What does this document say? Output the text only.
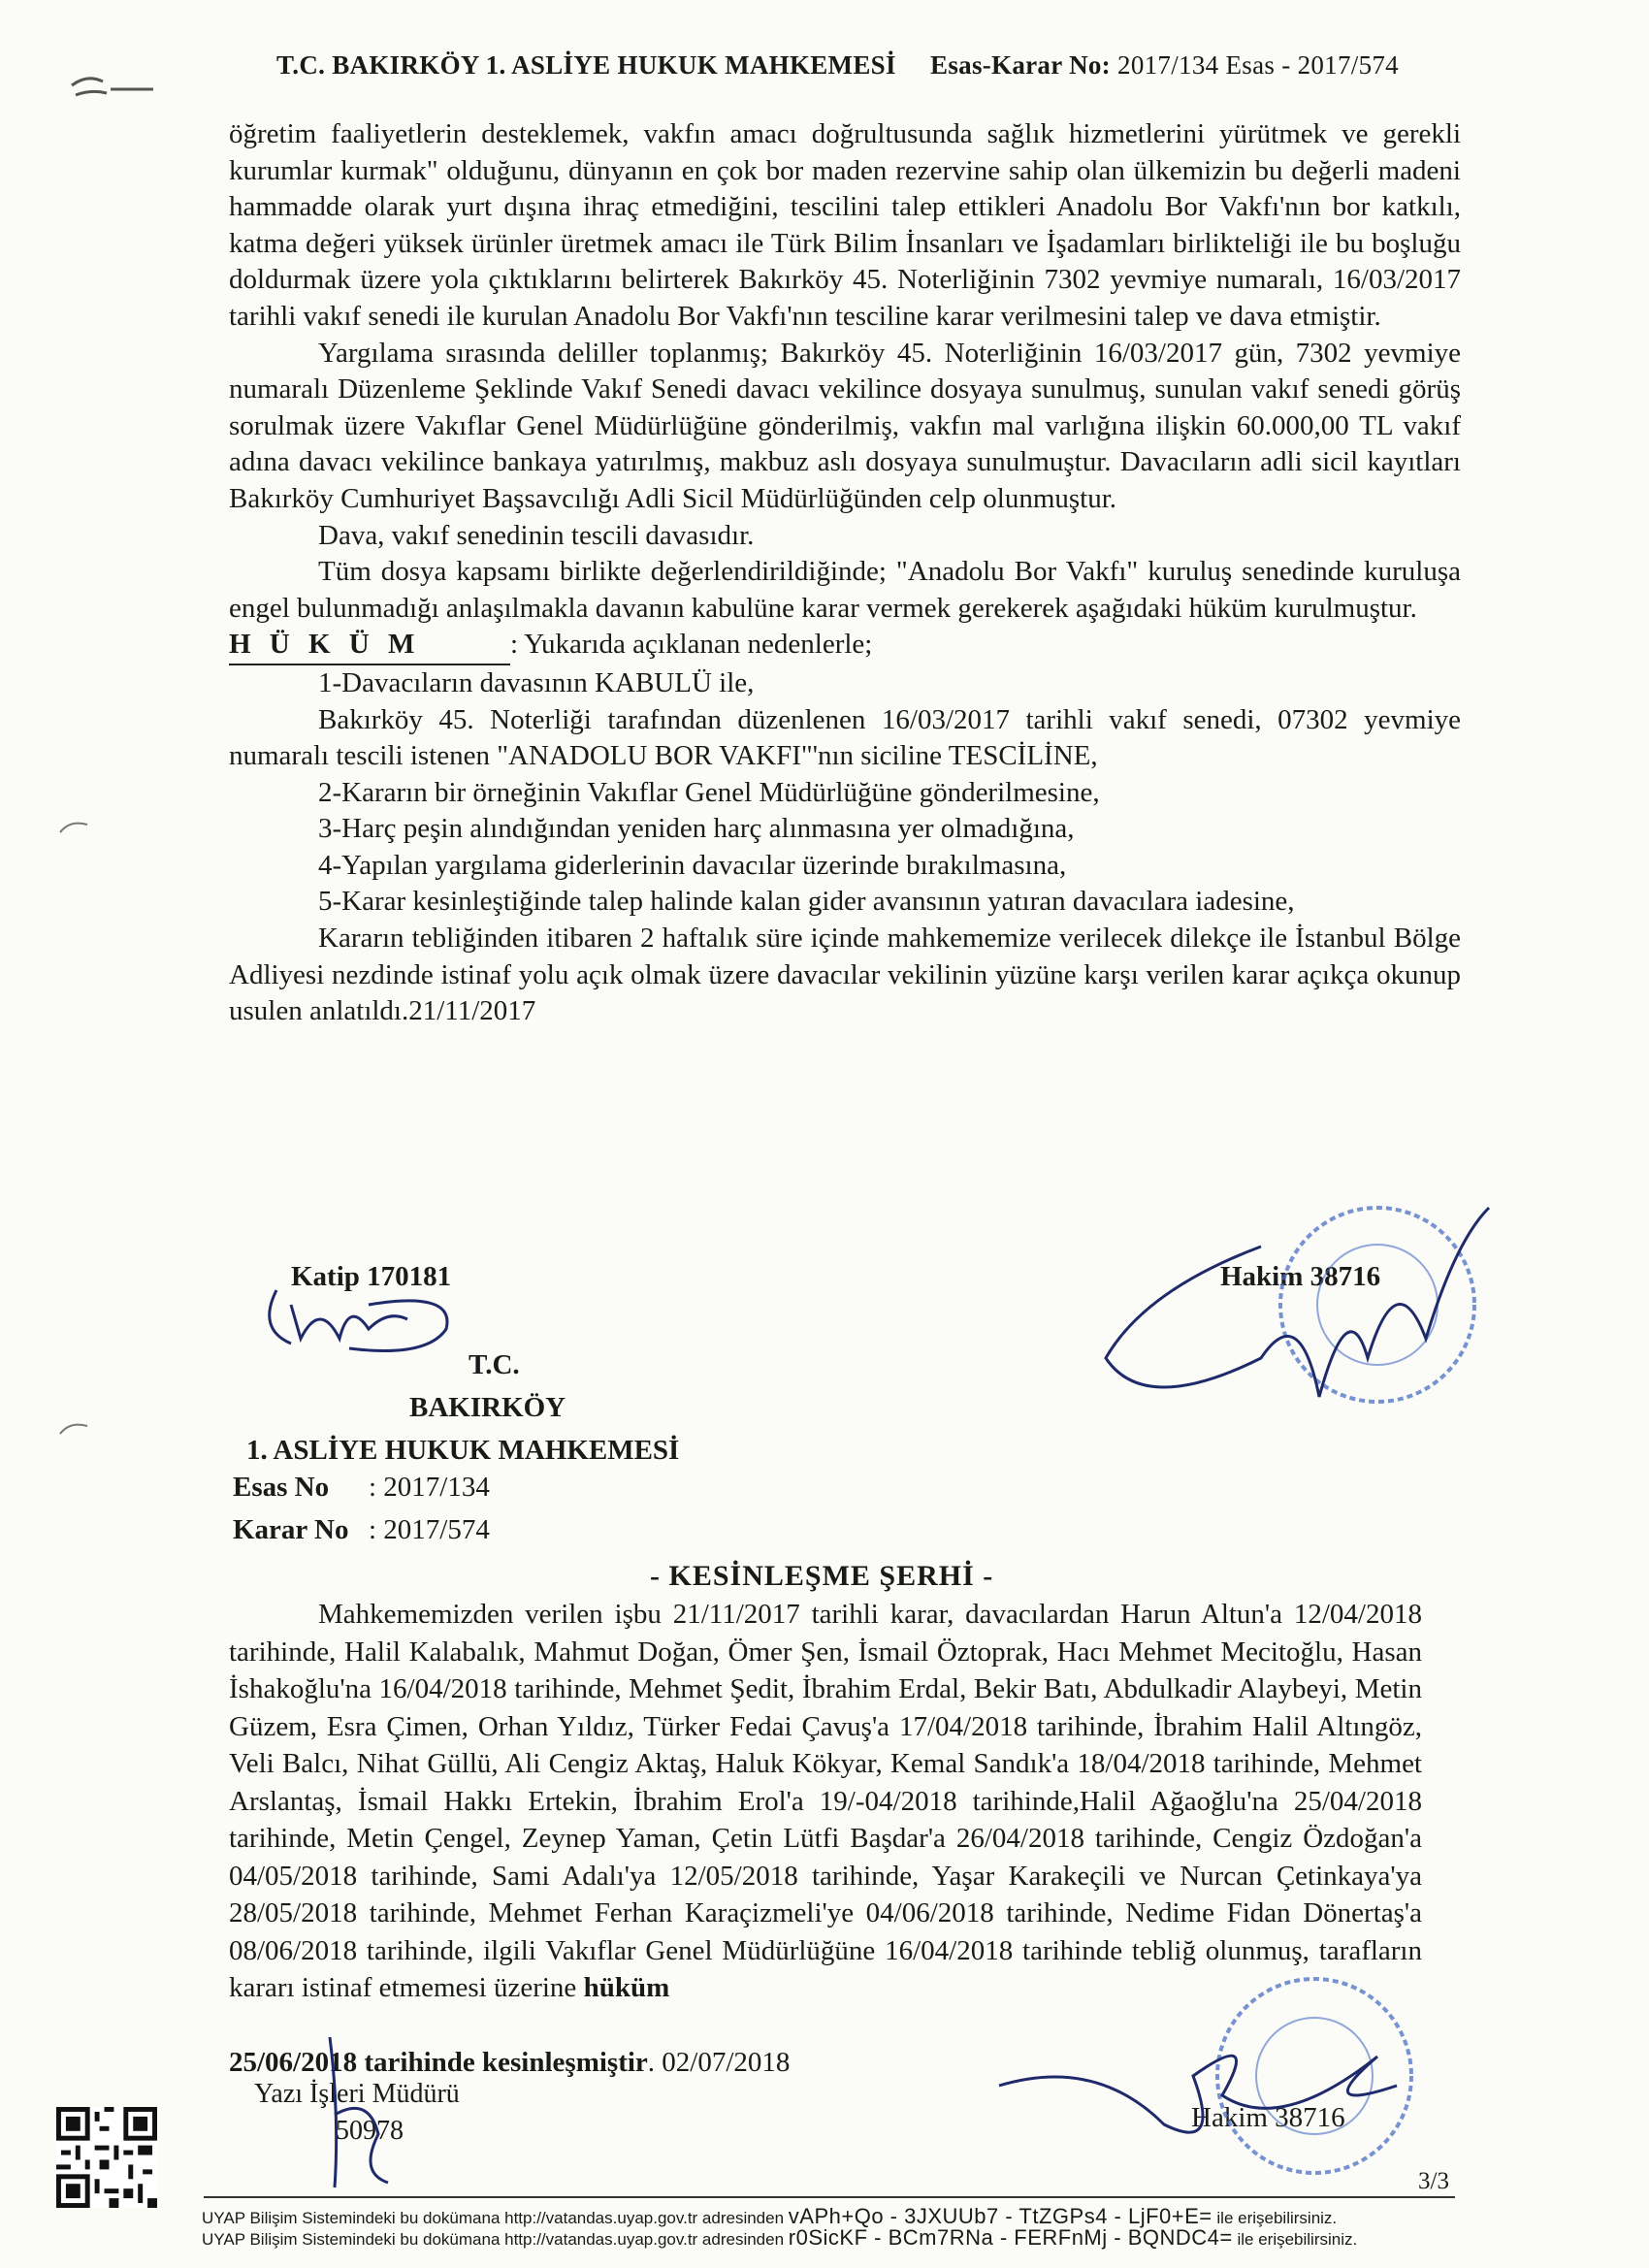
T.C. BAKIRKÖY 1. ASLİYE HUKUK MAHKEMESİ Esas-Karar No: 2017/134 Esas - 2017/574

öğretim faaliyetlerin desteklemek, vakfın amacı doğrultusunda sağlık hizmetlerini yürütmek ve gerekli kurumlar kurmak" olduğunu, dünyanın en çok bor maden rezervine sahip olan ülkemizin bu değerli madeni hammadde olarak yurt dışına ihraç etmediğini, tescilini talep ettikleri Anadolu Bor Vakfı'nın bor katkılı, katma değeri yüksek ürünler üretmek amacı ile Türk Bilim İnsanları ve İşadamları birlikteliği ile bu boşluğu doldurmak üzere yola çıktıklarını belirterek Bakırköy 45. Noterliğinin 7302 yevmiye numaralı, 16/03/2017 tarihli vakıf senedi ile kurulan Anadolu Bor Vakfı'nın tesciline karar verilmesini talep ve dava etmiştir.

Yargılama sırasında deliller toplanmış; Bakırköy 45. Noterliğinin 16/03/2017 gün, 7302 yevmiye numaralı Düzenleme Şeklinde Vakıf Senedi davacı vekilince dosyaya sunulmuş, sunulan vakıf senedi görüş sorulmak üzere Vakıflar Genel Müdürlüğüne gönderilmiş, vakfın mal varlığına ilişkin 60.000,00 TL vakıf adına davacı vekilince bankaya yatırılmış, makbuz aslı dosyaya sunulmuştur. Davacıların adli sicil kayıtları Bakırköy Cumhuriyet Başsavcılığı Adli Sicil Müdürlüğünden celp olunmuştur.

Dava, vakıf senedinin tescili davasıdır.

Tüm dosya kapsamı birlikte değerlendirildiğinde; "Anadolu Bor Vakfı" kuruluş senedinde kuruluşa engel bulunmadığı anlaşılmakla davanın kabulüne karar vermek gerekerek aşağıdaki hüküm kurulmuştur.

H Ü K Ü M	: Yukarıda açıklanan nedenlerle;

1-Davacıların davasının KABULÜ ile,

Bakırköy 45. Noterliği tarafından düzenlenen 16/03/2017 tarihli vakıf senedi, 07302 yevmiye numaralı tescili istenen "ANADOLU BOR VAKFI"'nın siciline TESCİLİNE,

2-Kararın bir örneğinin Vakıflar Genel Müdürlüğüne gönderilmesine,

3-Harç peşin alındığından yeniden harç alınmasına yer olmadığına,

4-Yapılan yargılama giderlerinin davacılar üzerinde bırakılmasına,

5-Karar kesinleştiğinde talep halinde kalan gider avansının yatıran davacılara iadesine,

Kararın tebliğinden itibaren 2 haftalık süre içinde mahkememize verilecek dilekçe ile İstanbul Bölge Adliyesi nezdinde istinaf yolu açık olmak üzere davacılar vekilinin yüzüne karşı verilen karar açıkça okunup usulen anlatıldı.21/11/2017

Katip 170181	Hakim 38716
T.C.
BAKIRKÖY
1. ASLİYE HUKUK MAHKEMESİ
Esas No : 2017/134
Karar No : 2017/574
- KESİNLEŞME ŞERHİ -

Mahkememizden verilen işbu 21/11/2017 tarihli karar, davacılardan Harun Altun'a 12/04/2018 tarihinde, Halil Kalabalık, Mahmut Doğan, Ömer Şen, İsmail Öztoprak, Hacı Mehmet Mecitoğlu, Hasan İshakoğlu'na 16/04/2018 tarihinde, Mehmet Şedit, İbrahim Erdal, Bekir Batı, Abdulkadir Alaybeyi, Metin Güzem, Esra Çimen, Orhan Yıldız, Türker Fedai Çavuş'a 17/04/2018 tarihinde, İbrahim Halil Altıngöz, Veli Balcı, Nihat Güllü, Ali Cengiz Aktaş, Haluk Kökyar, Kemal Sandık'a 18/04/2018 tarihinde, Mehmet Arslantaş, İsmail Hakkı Ertekin, İbrahim Erol'a 19/-04/2018 tarihinde,Halil Ağaoğlu'na 25/04/2018 tarihinde, Metin Çengel, Zeynep Yaman, Çetin Lütfi Başdar'a 26/04/2018 tarihinde, Cengiz Özdoğan'a 04/05/2018 tarihinde, Sami Adalı'ya 12/05/2018 tarihinde, Yaşar Karakeçili ve Nurcan Çetinkaya'ya 28/05/2018 tarihinde, Mehmet Ferhan Karaçizmeli'ye 04/06/2018 tarihinde, Nedime Fidan Dönertaş'a 08/06/2018 tarihinde, ilgili Vakıflar Genel Müdürlüğüne 16/04/2018 tarihinde tebliğ olunmuş, tarafların kararı istinaf etmemesi üzerine hüküm

25/06/2018 tarihinde kesinleşmiştir. 02/07/2018
Yazı İşleri Müdürü
50978	Hakim 38716
3/3
UYAP Bilişim Sistemindeki bu dokümana http://vatandas.uyap.gov.tr adresinden vAPh+Qo - 3JXUUb7 - TtZGPs4 - LjF0+E= ile erişebilirsiniz.
UYAP Bilişim Sistemindeki bu dokümana http://vatandas.uyap.gov.tr adresinden r0SicKF - BCm7RNa - FERFnMj - BQNDC4= ile erişebilirsiniz.
